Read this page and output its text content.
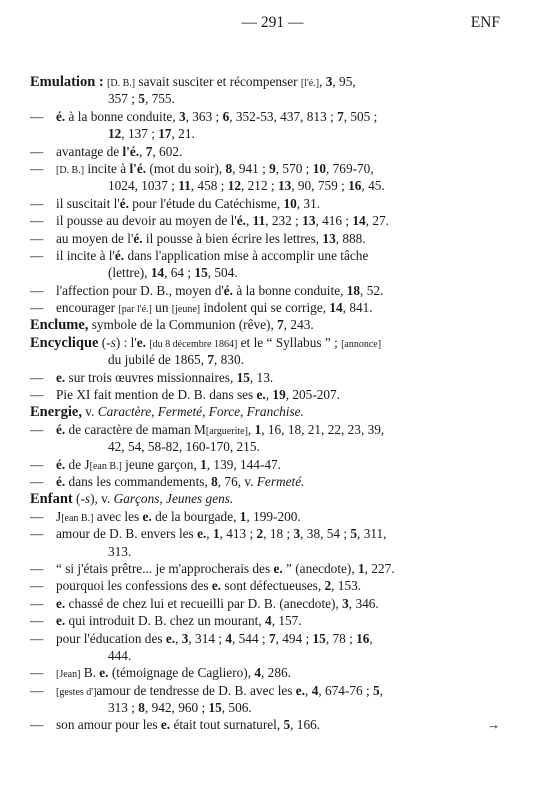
— 291 —	ENF
Emulation : [D. B.] savait susciter et récompenser [l'é.], 3, 95,
357 ; 5, 755.
— é. à la bonne conduite, 3, 363 ; 6, 352-53, 437, 813 ; 7, 505 ;
12, 137 ; 17, 21.
— avantage de l'é., 7, 602.
— [D. B.] incite à l'é. (mot du soir), 8, 941 ; 9, 570 ; 10, 769-70,
1024, 1037 ; 11, 458 ; 12, 212 ; 13, 90, 759 ; 16, 45.
— il suscitait l'é. pour l'étude du Catéchisme, 10, 31.
— il pousse au devoir au moyen de l'é., 11, 232 ; 13, 416 ; 14, 27.
— au moyen de l'é. il pousse à bien écrire les lettres, 13, 888.
— il incite à l'é. dans l'application mise à accomplir une tâche
(lettre), 14, 64 ; 15, 504.
— l'affection pour D. B., moyen d'é. à la bonne conduite, 18, 52.
— encourager [par l'é.] un [jeune] indolent qui se corrige, 14, 841.
Enclume, symbole de la Communion (rêve), 7, 243.
Encyclique (-s) : l'e. [du 8 décembre 1864] et le “ Syllabus ” ; [annonce]
du jubilé de 1865, 7, 830.
— e. sur trois œuvres missionnaires, 15, 13.
— Pie XI fait mention de D. B. dans ses e., 19, 205-207.
Energie, v. Caractère, Fermeté, Force, Franchise.
— é. de caractère de maman M[arguerite], 1, 16, 18, 21, 22, 23, 39,
42, 54, 58-82, 160-170, 215.
— é. de J[ean B.] jeune garçon, 1, 139, 144-47.
— é. dans les commandements, 8, 76, v. Fermeté.
Enfant (-s), v. Garçons, Jeunes gens.
— J[ean B.] avec les e. de la bourgade, 1, 199-200.
— amour de D. B. envers les e., 1, 413 ; 2, 18 ; 3, 38, 54 ; 5, 311,
313.
— “ si j'étais prêtre... je m'approcherais des e. ” (anecdote), 1, 227.
— pourquoi les confessions des e. sont défectueuses, 2, 153.
— e. chassé de chez lui et recueilli par D. B. (anecdote), 3, 346.
— e. qui introduit D. B. chez un mourant, 4, 157.
— pour l'éducation des e., 3, 314 ; 4, 544 ; 7, 494 ; 15, 78 ; 16,
444.
— [Jean] B. e. (témoignage de Cagliero), 4, 286.
— [gestes d']amour de tendresse de D. B. avec les e., 4, 674-76 ; 5,
313 ; 8, 942, 960 ; 15, 506.
—	→
son amour pour les e. était tout surnaturel, 5, 166.
